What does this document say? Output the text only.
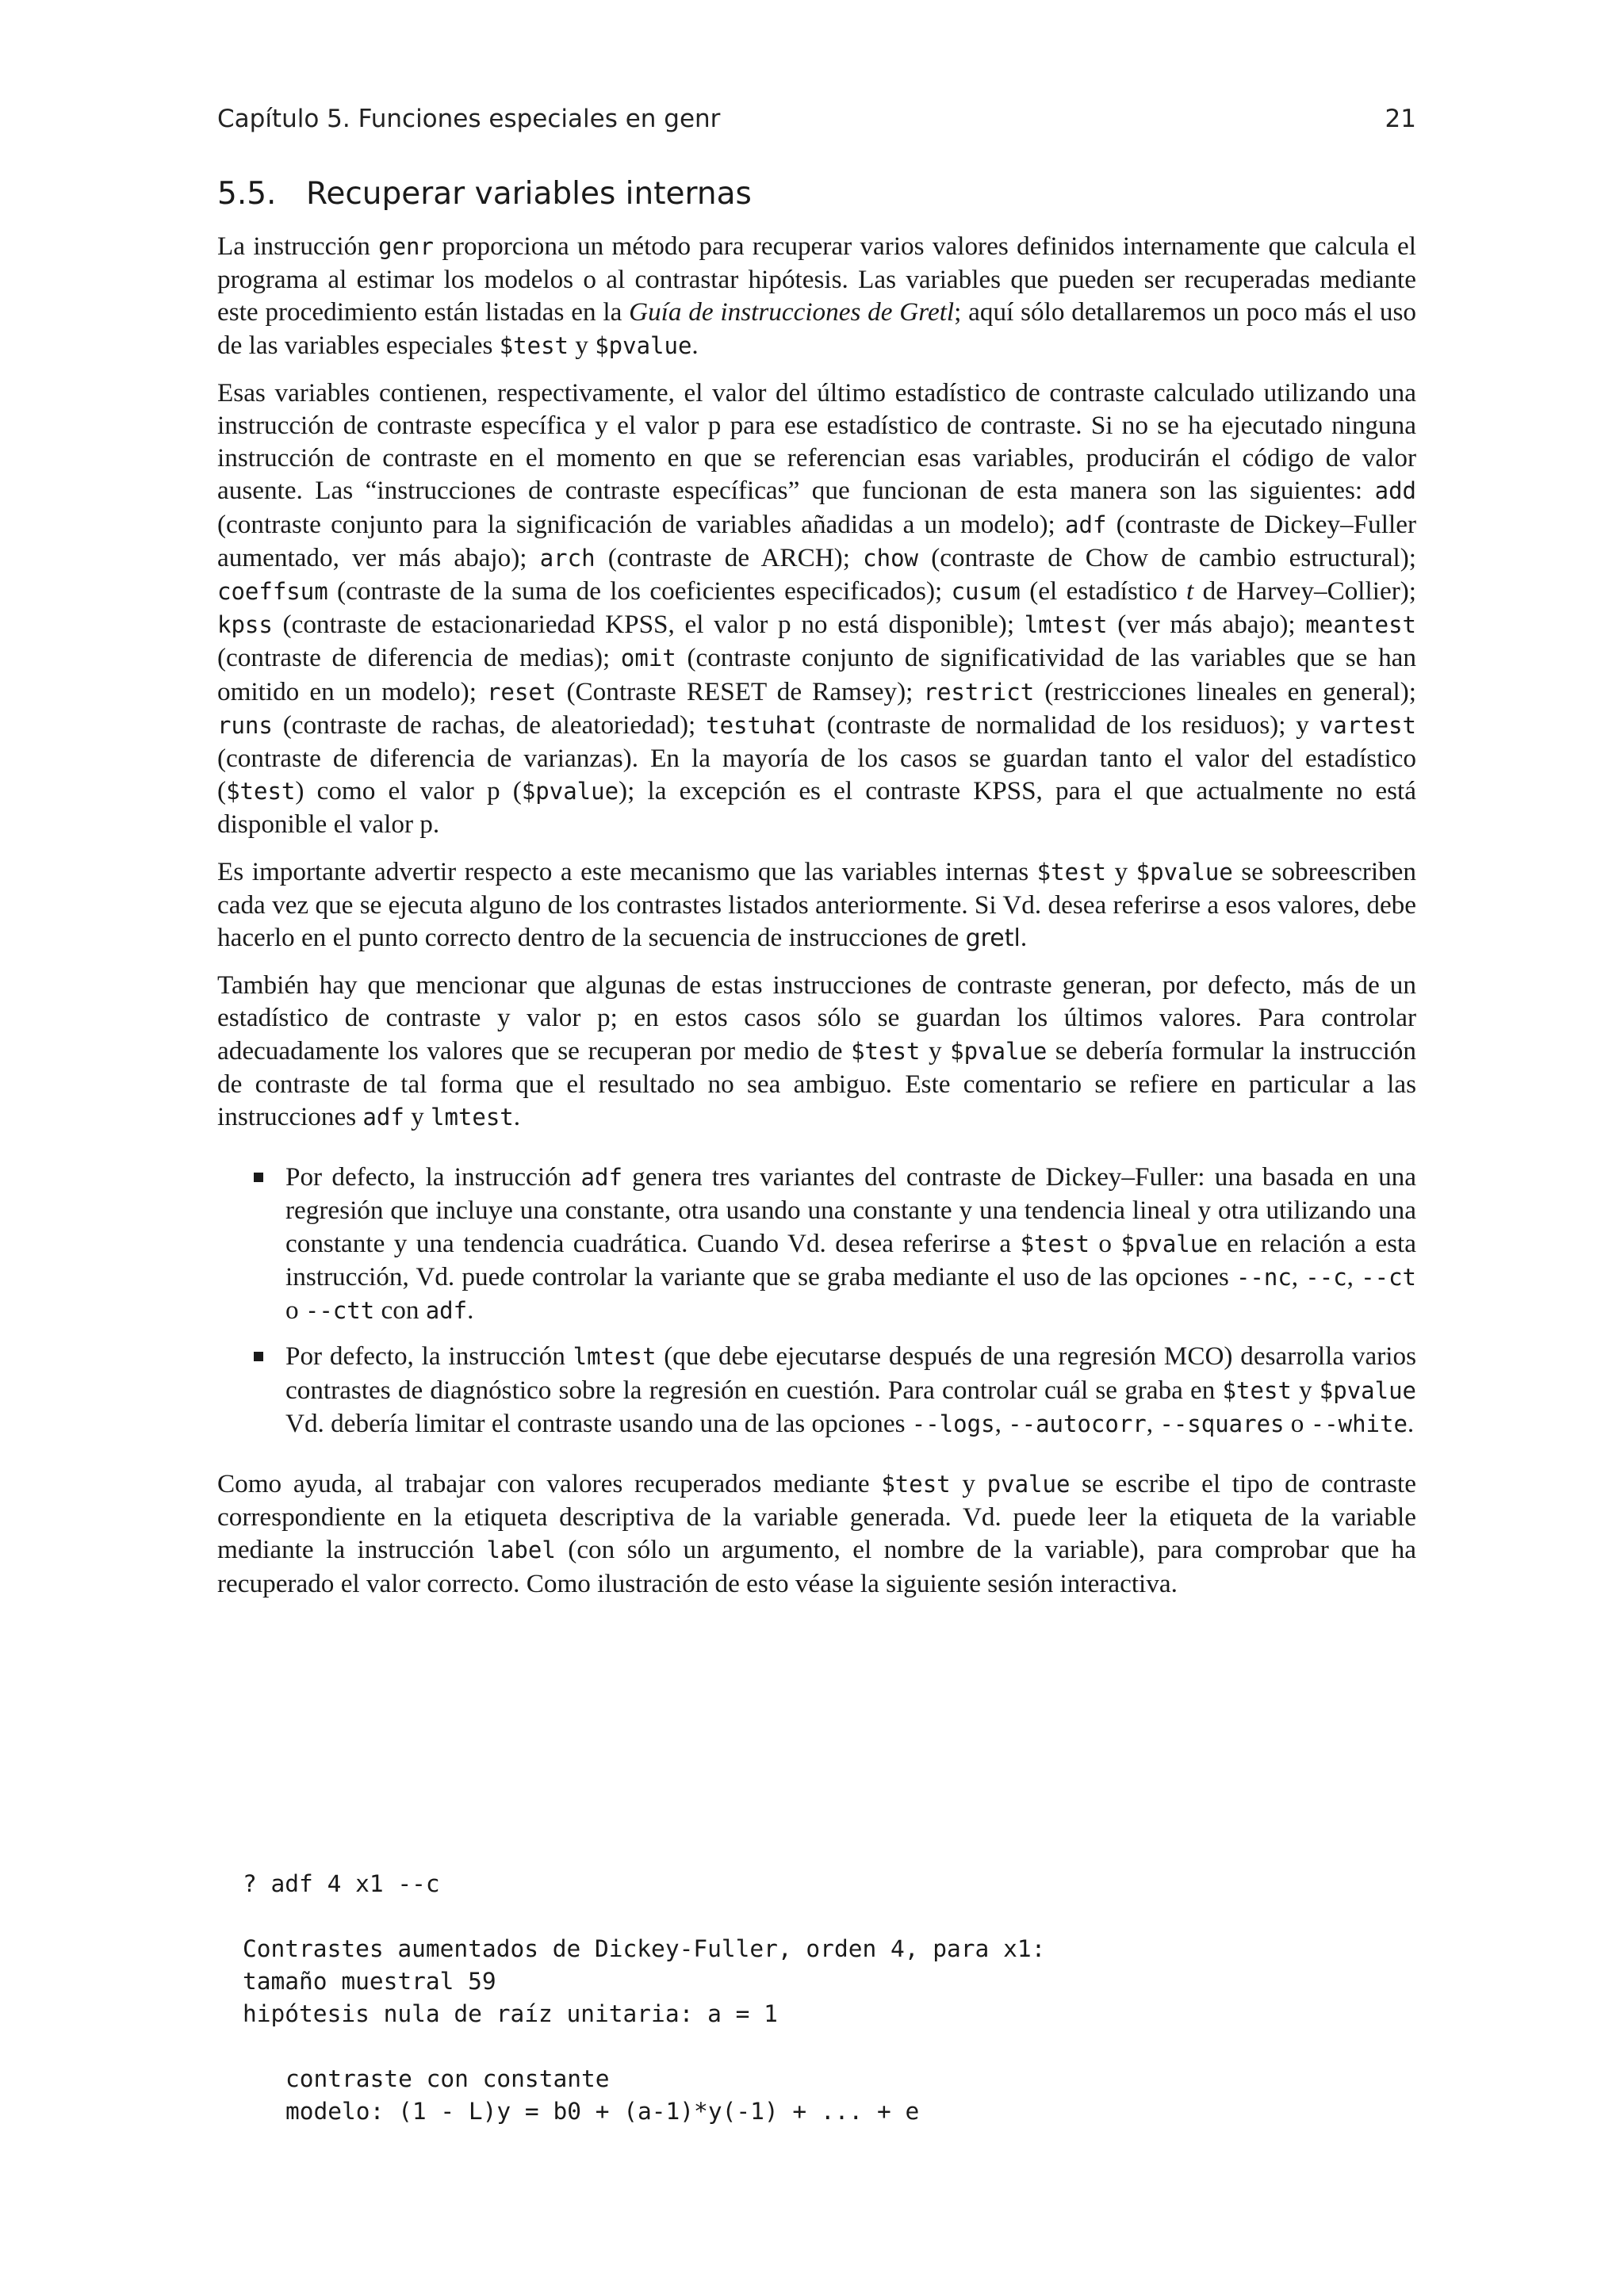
Capítulo 5. Funciones especiales en genr	21
5.5. Recuperar variables internas

La instrucción genr proporciona un método para recuperar varios valores definidos internamente que calcula el programa al estimar los modelos o al contrastar hipótesis. Las variables que pueden ser recuperadas mediante este procedimiento están listadas en la Guía de instrucciones de Gretl; aquí sólo detallaremos un poco más el uso de las variables especiales $test y $pvalue.

Esas variables contienen, respectivamente, el valor del último estadístico de contraste calculado utilizando una instrucción de contraste específica y el valor p para ese estadístico de contraste. Si no se ha ejecutado ninguna instrucción de contraste en el momento en que se referencian esas variables, producirán el código de valor ausente. Las “instrucciones de contraste específicas” que funcionan de esta manera son las siguientes: add (contraste conjunto para la significación de variables añadidas a un modelo); adf (contraste de Dickey–Fuller aumentado, ver más abajo); arch (contraste de ARCH); chow (contraste de Chow de cambio estructural); coeffsum (contraste de la suma de los coeficientes especificados); cusum (el estadístico t de Harvey–Collier); kpss (contraste de estacionariedad KPSS, el valor p no está disponible); lmtest (ver más abajo); meantest (contraste de diferencia de medias); omit (contraste conjunto de significatividad de las variables que se han omitido en un modelo); reset (Contraste RESET de Ramsey); restrict (restricciones lineales en general); runs (contraste de rachas, de aleatoriedad); testuhat (contraste de normalidad de los residuos); y vartest (contraste de diferencia de varianzas). En la mayoría de los casos se guardan tanto el valor del estadístico ($test) como el valor p ($pvalue); la excepción es el contraste KPSS, para el que actualmente no está disponible el valor p.

Es importante advertir respecto a este mecanismo que las variables internas $test y $pvalue se sobreescriben cada vez que se ejecuta alguno de los contrastes listados anteriormente. Si Vd. desea referirse a esos valores, debe hacerlo en el punto correcto dentro de la secuencia de instrucciones de gretl.

También hay que mencionar que algunas de estas instrucciones de contraste generan, por defecto, más de un estadístico de contraste y valor p; en estos casos sólo se guardan los últimos valores. Para controlar adecuadamente los valores que se recuperan por medio de $test y $pvalue se debería formular la instrucción de contraste de tal forma que el resultado no sea ambiguo. Este comentario se refiere en particular a las instrucciones adf y lmtest.

Por defecto, la instrucción adf genera tres variantes del contraste de Dickey–Fuller: una basada en una regresión que incluye una constante, otra usando una constante y una tendencia lineal y otra utilizando una constante y una tendencia cuadrática. Cuando Vd. desea referirse a $test o $pvalue en relación a esta instrucción, Vd. puede controlar la variante que se graba mediante el uso de las opciones --nc, --c, --ct o --ctt con adf.
Por defecto, la instrucción lmtest (que debe ejecutarse después de una regresión MCO) desarrolla varios contrastes de diagnóstico sobre la regresión en cuestión. Para controlar cuál se graba en $test y $pvalue Vd. debería limitar el contraste usando una de las opciones --logs, --autocorr, --squares o --white.

Como ayuda, al trabajar con valores recuperados mediante $test y pvalue se escribe el tipo de contraste correspondiente en la etiqueta descriptiva de la variable generada. Vd. puede leer la etiqueta de la variable mediante la instrucción label (con sólo un argumento, el nombre de la variable), para comprobar que ha recuperado el valor correcto. Como ilustración de esto véase la siguiente sesión interactiva.

? adf 4 x1 --c
Contrastes aumentados de Dickey-Fuller, orden 4, para x1:
tamaño muestral 59
hipótesis nula de raíz unitaria: a = 1
contraste con constante
modelo: (1 - L)y = b0 + (a-1)*y(-1) + ... + e
